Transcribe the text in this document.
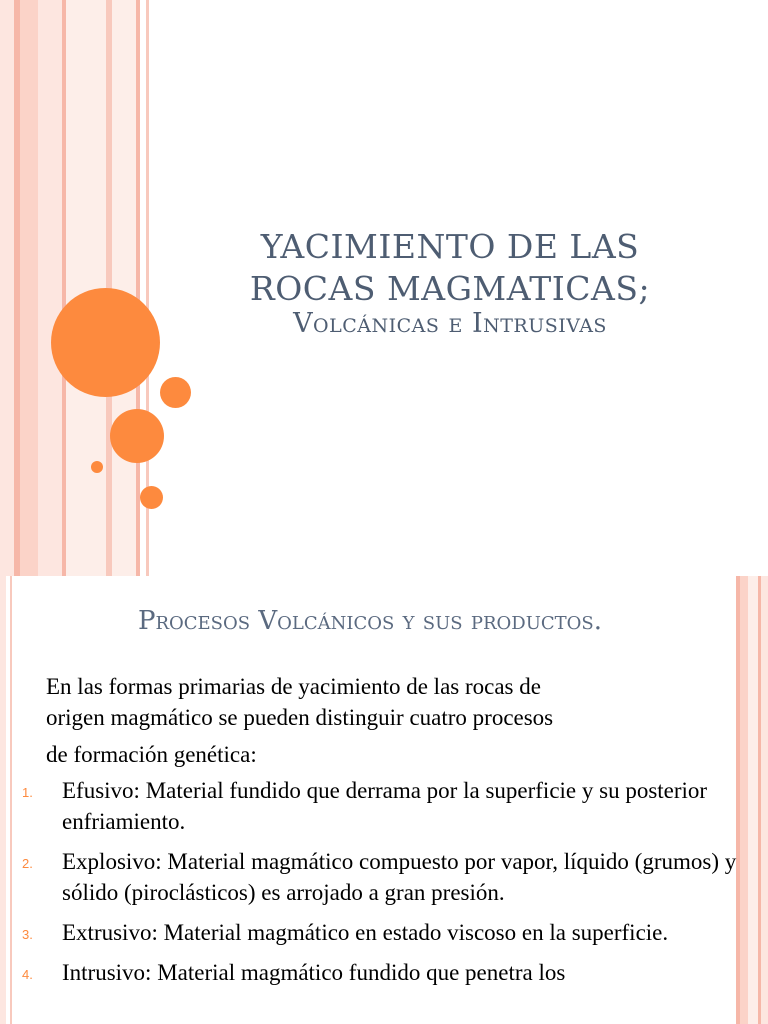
YACIMIENTO DE LAS
ROCAS MAGMATICAS;
Volcánicas e Intrusivas
Procesos Volcánicos y sus productos.

En las formas primarias de yacimiento de las rocas de
origen magmático se pueden distinguir cuatro procesos
de formación genética:

1. Efusivo: Material fundido que derrama por la superficie y su posterior enfriamiento.
2. Explosivo: Material magmático compuesto por vapor, líquido (grumos) y sólido (piroclásticos) es arrojado a gran presión.
3. Extrusivo: Material magmático en estado viscoso en la superficie.
4. Intrusivo: Material magmático fundido que penetra los
